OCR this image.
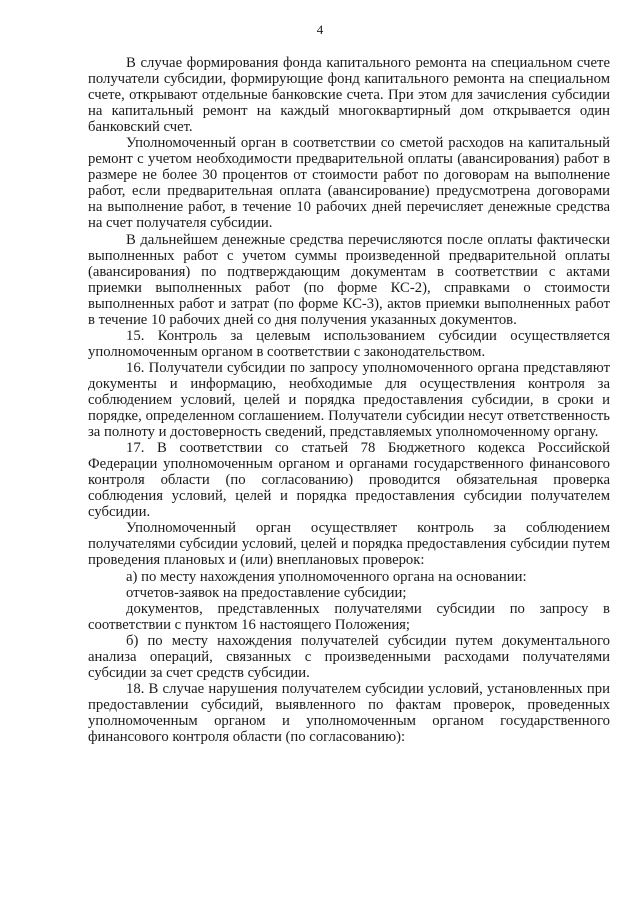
4

В случае формирования фонда капитального ремонта на специальном счете получатели субсидии, формирующие фонд капитального ремонта на специальном счете, открывают отдельные банковские счета. При этом для зачисления субсидии на капитальный ремонт на каждый многоквартирный дом открывается один банковский счет.

Уполномоченный орган в соответствии со сметой расходов на капитальный ремонт с учетом необходимости предварительной оплаты (авансирования) работ в размере не более 30 процентов от стоимости работ по договорам на выполнение работ, если предварительная оплата (авансирование) предусмотрена договорами на выполнение работ, в течение 10 рабочих дней перечисляет денежные средства на счет получателя субсидии.

В дальнейшем денежные средства перечисляются после оплаты фактически выполненных работ с учетом суммы произведенной предварительной оплаты (авансирования) по подтверждающим документам в соответствии с актами приемки выполненных работ (по форме КС-2), справками о стоимости выполненных работ и затрат (по форме КС-3), актов приемки выполненных работ в течение 10 рабочих дней со дня получения указанных документов.

15. Контроль за целевым использованием субсидии осуществляется уполномоченным органом в соответствии с законодательством.

16. Получатели субсидии по запросу уполномоченного органа представляют документы и информацию, необходимые для осуществления контроля за соблюдением условий, целей и порядка предоставления субсидии, в сроки и порядке, определенном соглашением. Получатели субсидии несут ответственность за полноту и достоверность сведений, представляемых уполномоченному органу.

17. В соответствии со статьей 78 Бюджетного кодекса Российской Федерации уполномоченным органом и органами государственного финансового контроля области (по согласованию) проводится обязательная проверка соблюдения условий, целей и порядка предоставления субсидии получателем субсидии.

Уполномоченный орган осуществляет контроль за соблюдением получателями субсидии условий, целей и порядка предоставления субсидии путем проведения плановых и (или) внеплановых проверок:

а) по месту нахождения уполномоченного органа на основании:

отчетов-заявок на предоставление субсидии;

документов, представленных получателями субсидии по запросу в соответствии с пунктом 16 настоящего Положения;

б) по месту нахождения получателей субсидии путем документального анализа операций, связанных с произведенными расходами получателями субсидии за счет средств субсидии.

18. В случае нарушения получателем субсидии условий, установленных при предоставлении субсидий, выявленного по фактам проверок, проведенных уполномоченным органом и уполномоченным органом государственного финансового контроля области (по согласованию):
